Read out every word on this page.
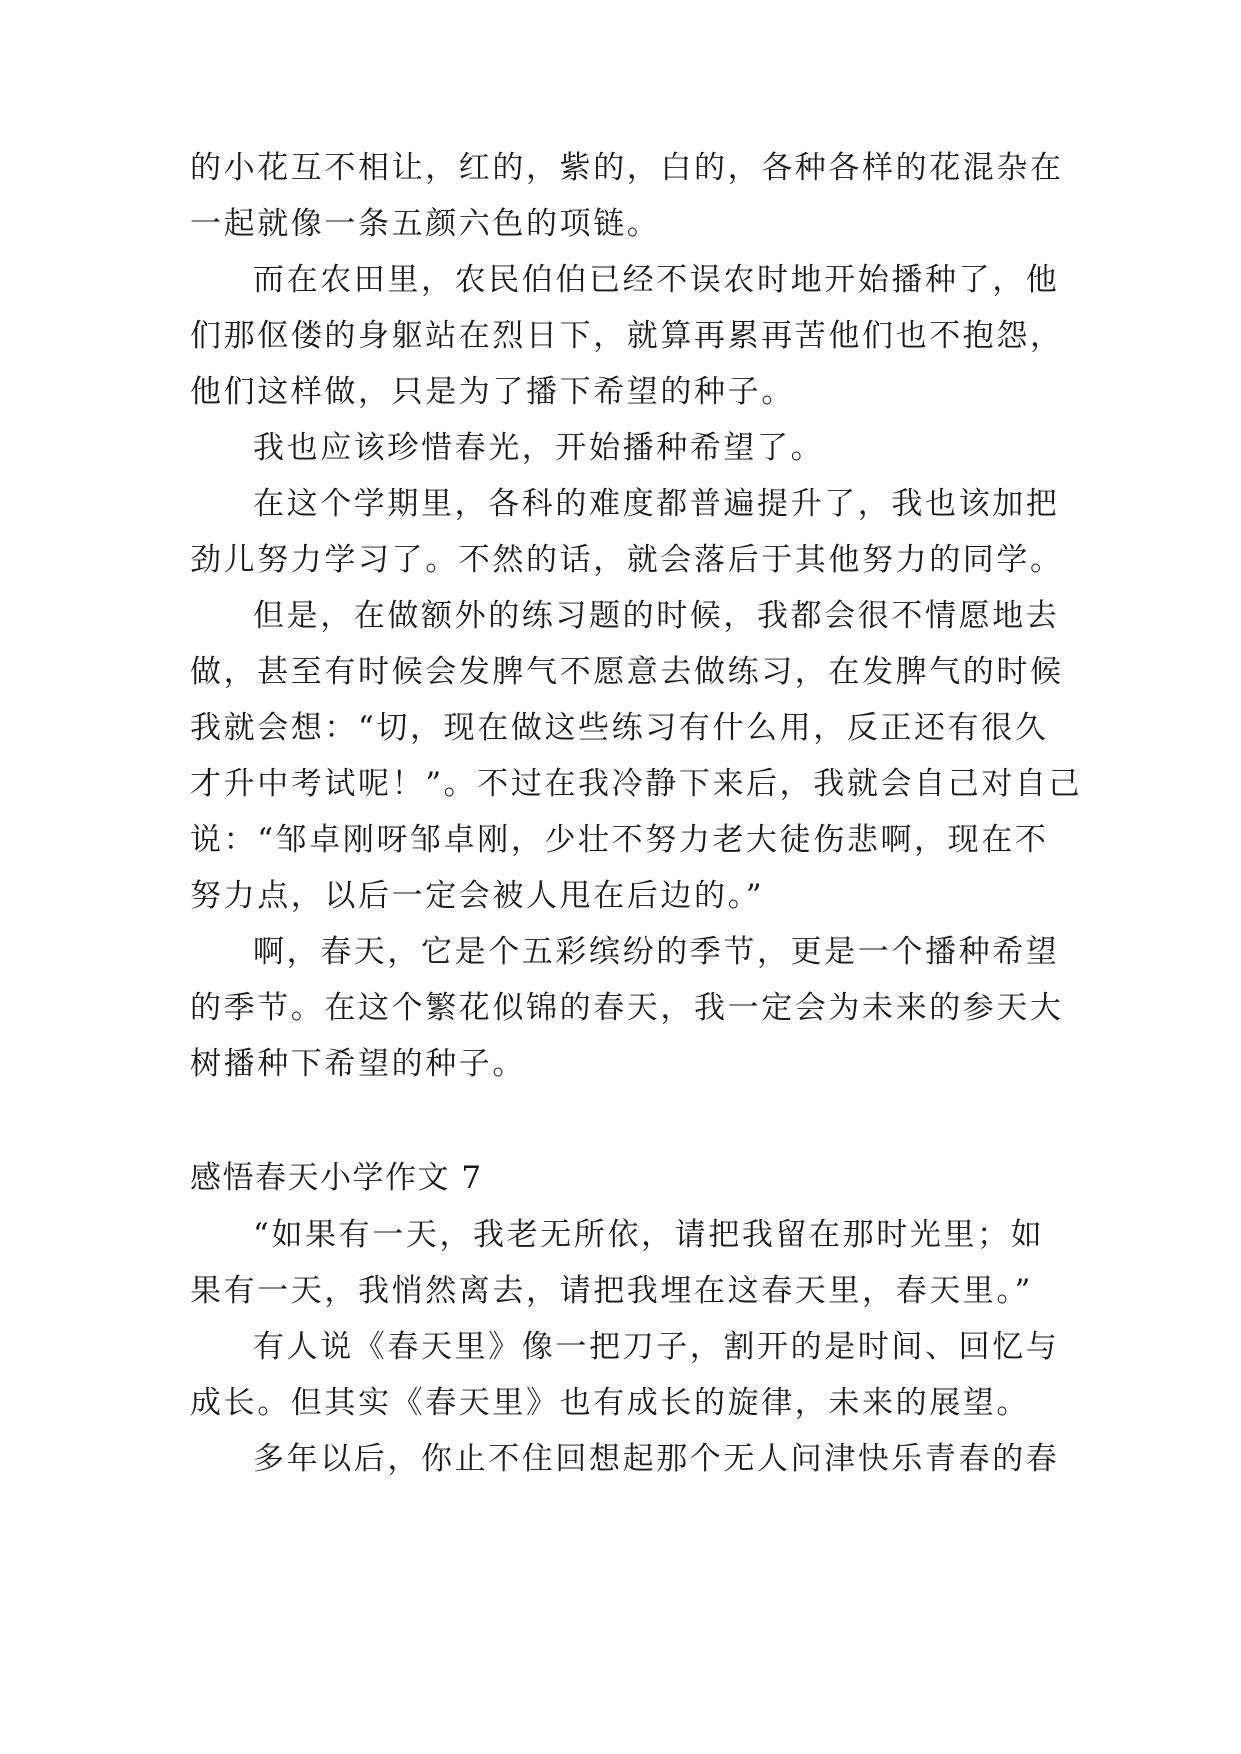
的小花互不相让，红的，紫的，白的，各种各样的花混杂在
一起就像一条五颜六色的项链。
而在农田里，农民伯伯已经不误农时地开始播种了，他
们那伛偻的身躯站在烈日下，就算再累再苦他们也不抱怨，
他们这样做，只是为了播下希望的种子。
我也应该珍惜春光，开始播种希望了。
在这个学期里，各科的难度都普遍提升了，我也该加把
劲儿努力学习了。不然的话，就会落后于其他努力的同学。
但是，在做额外的练习题的时候，我都会很不情愿地去
做，甚至有时候会发脾气不愿意去做练习，在发脾气的时候
我就会想：“切，现在做这些练习有什么用，反正还有很久
才升中考试呢！”。不过在我冷静下来后，我就会自己对自己
说：“邹卓刚呀邹卓刚，少壮不努力老大徒伤悲啊，现在不
努力点，以后一定会被人甩在后边的。”
啊，春天，它是个五彩缤纷的季节，更是一个播种希望
的季节。在这个繁花似锦的春天，我一定会为未来的参天大
树播种下希望的种子。
感悟春天小学作文 7
“如果有一天，我老无所依，请把我留在那时光里；如
果有一天，我悄然离去，请把我埋在这春天里，春天里。”
有人说《春天里》像一把刀子，割开的是时间、回忆与
成长。但其实《春天里》也有成长的旋律，未来的展望。
多年以后，你止不住回想起那个无人问津快乐青春的春
